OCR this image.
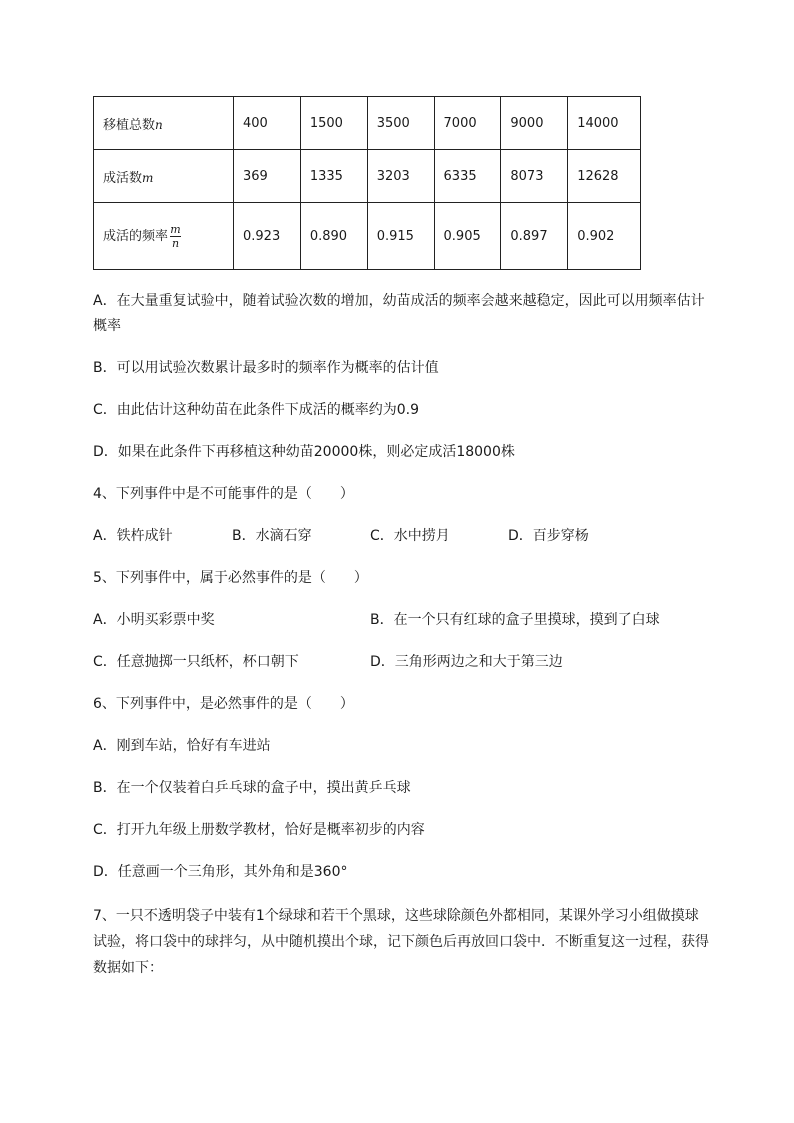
移植总数n	400	1500	3500	7000	9000	14000
成活数m	369	1335	3203	6335	8073	12628
成活的频率 $\frac{m}{n}$	0.923	0.890	0.915	0.905	0.897	0.902
A．在大量重复试验中，随着试验次数的增加，幼苗成活的频率会越来越稳定，因此可以用频率估计
概率
B．可以用试验次数累计最多时的频率作为概率的估计值
C．由此估计这种幼苗在此条件下成活的概率约为0.9
D．如果在此条件下再移植这种幼苗20000株，则必定成活18000株
4、下列事件中是不可能事件的是（　　）
A．铁杵成针	B．水滴石穿	C．水中捞月	D．百步穿杨
5、下列事件中，属于必然事件的是（　　）
A．小明买彩票中奖	B．在一个只有红球的盒子里摸球，摸到了白球
C．任意抛掷一只纸杯，杯口朝下	D．三角形两边之和大于第三边
6、下列事件中，是必然事件的是（　　）
A．刚到车站，恰好有车进站
B．在一个仅装着白乒乓球的盒子中，摸出黄乒乓球
C．打开九年级上册数学教材，恰好是概率初步的内容
D．任意画一个三角形，其外角和是360°
7、一只不透明袋子中装有1个绿球和若干个黑球，这些球除颜色外都相同，某课外学习小组做摸球
试验，将口袋中的球拌匀，从中随机摸出个球，记下颜色后再放回口袋中．不断重复这一过程，获得
数据如下：
